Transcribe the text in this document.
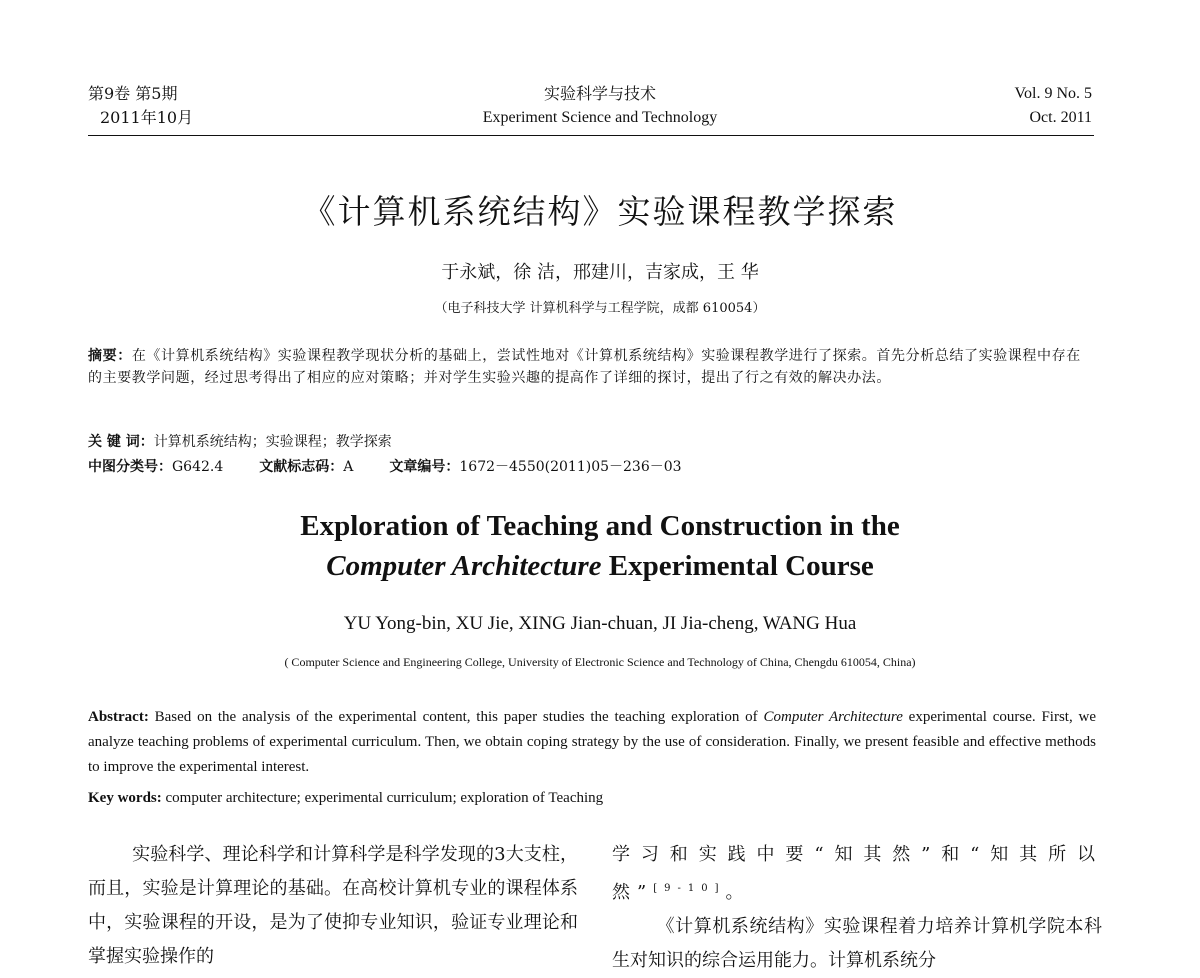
第9卷 第5期
2011年10月
实验科学与技术
Experiment Science and Technology
Vol. 9 No. 5
Oct. 2011
《计算机系统结构》实验课程教学探索
于永斌，徐 洁，邢建川，吉家成，王 华
（电子科技大学 计算机科学与工程学院，成都 610054）
摘要：在《计算机系统结构》实验课程教学现状分析的基础上，尝试性地对《计算机系统结构》实验课程教学进行了探索。首先分析总结了实验课程中存在的主要教学问题，经过思考得出了相应的应对策略；并对学生实验兴趣的提高作了详细的探讨，提出了行之有效的解决办法。
关 键 词：计算机系统结构；实验课程；教学探索
中图分类号：G642.4	文献标志码：A	文章编号：1672－4550(2011)05－236－03
Exploration of Teaching and Construction in the
Computer Architecture Experimental Course
YU Yong-bin, XU Jie, XING Jian-chuan, JI Jia-cheng, WANG Hua
( Computer Science and Engineering College, University of Electronic Science and Technology of China, Chengdu 610054, China)
Abstract: Based on the analysis of the experimental content, this paper studies the teaching exploration of Computer Architecture experimental course. First, we analyze teaching problems of experimental curriculum. Then, we obtain coping strategy by the use of consideration. Finally, we present feasible and effective methods to improve the experimental interest.
Key words: computer architecture; experimental curriculum; exploration of Teaching
实验科学、理论科学和计算科学是科学发现的3大支柱，而且，实验是计算理论的基础。在高校计算机专业的课程体系中，实验课程的开设，是为了使抑专业知识，验证专业理论和掌握实验操作的
学习和实践中要“知其然”和“知其所以然”[9-10]。
《计算机系统结构》实验课程着力培养计算机学院本科生对知识的综合运用能力。计算机系统分
